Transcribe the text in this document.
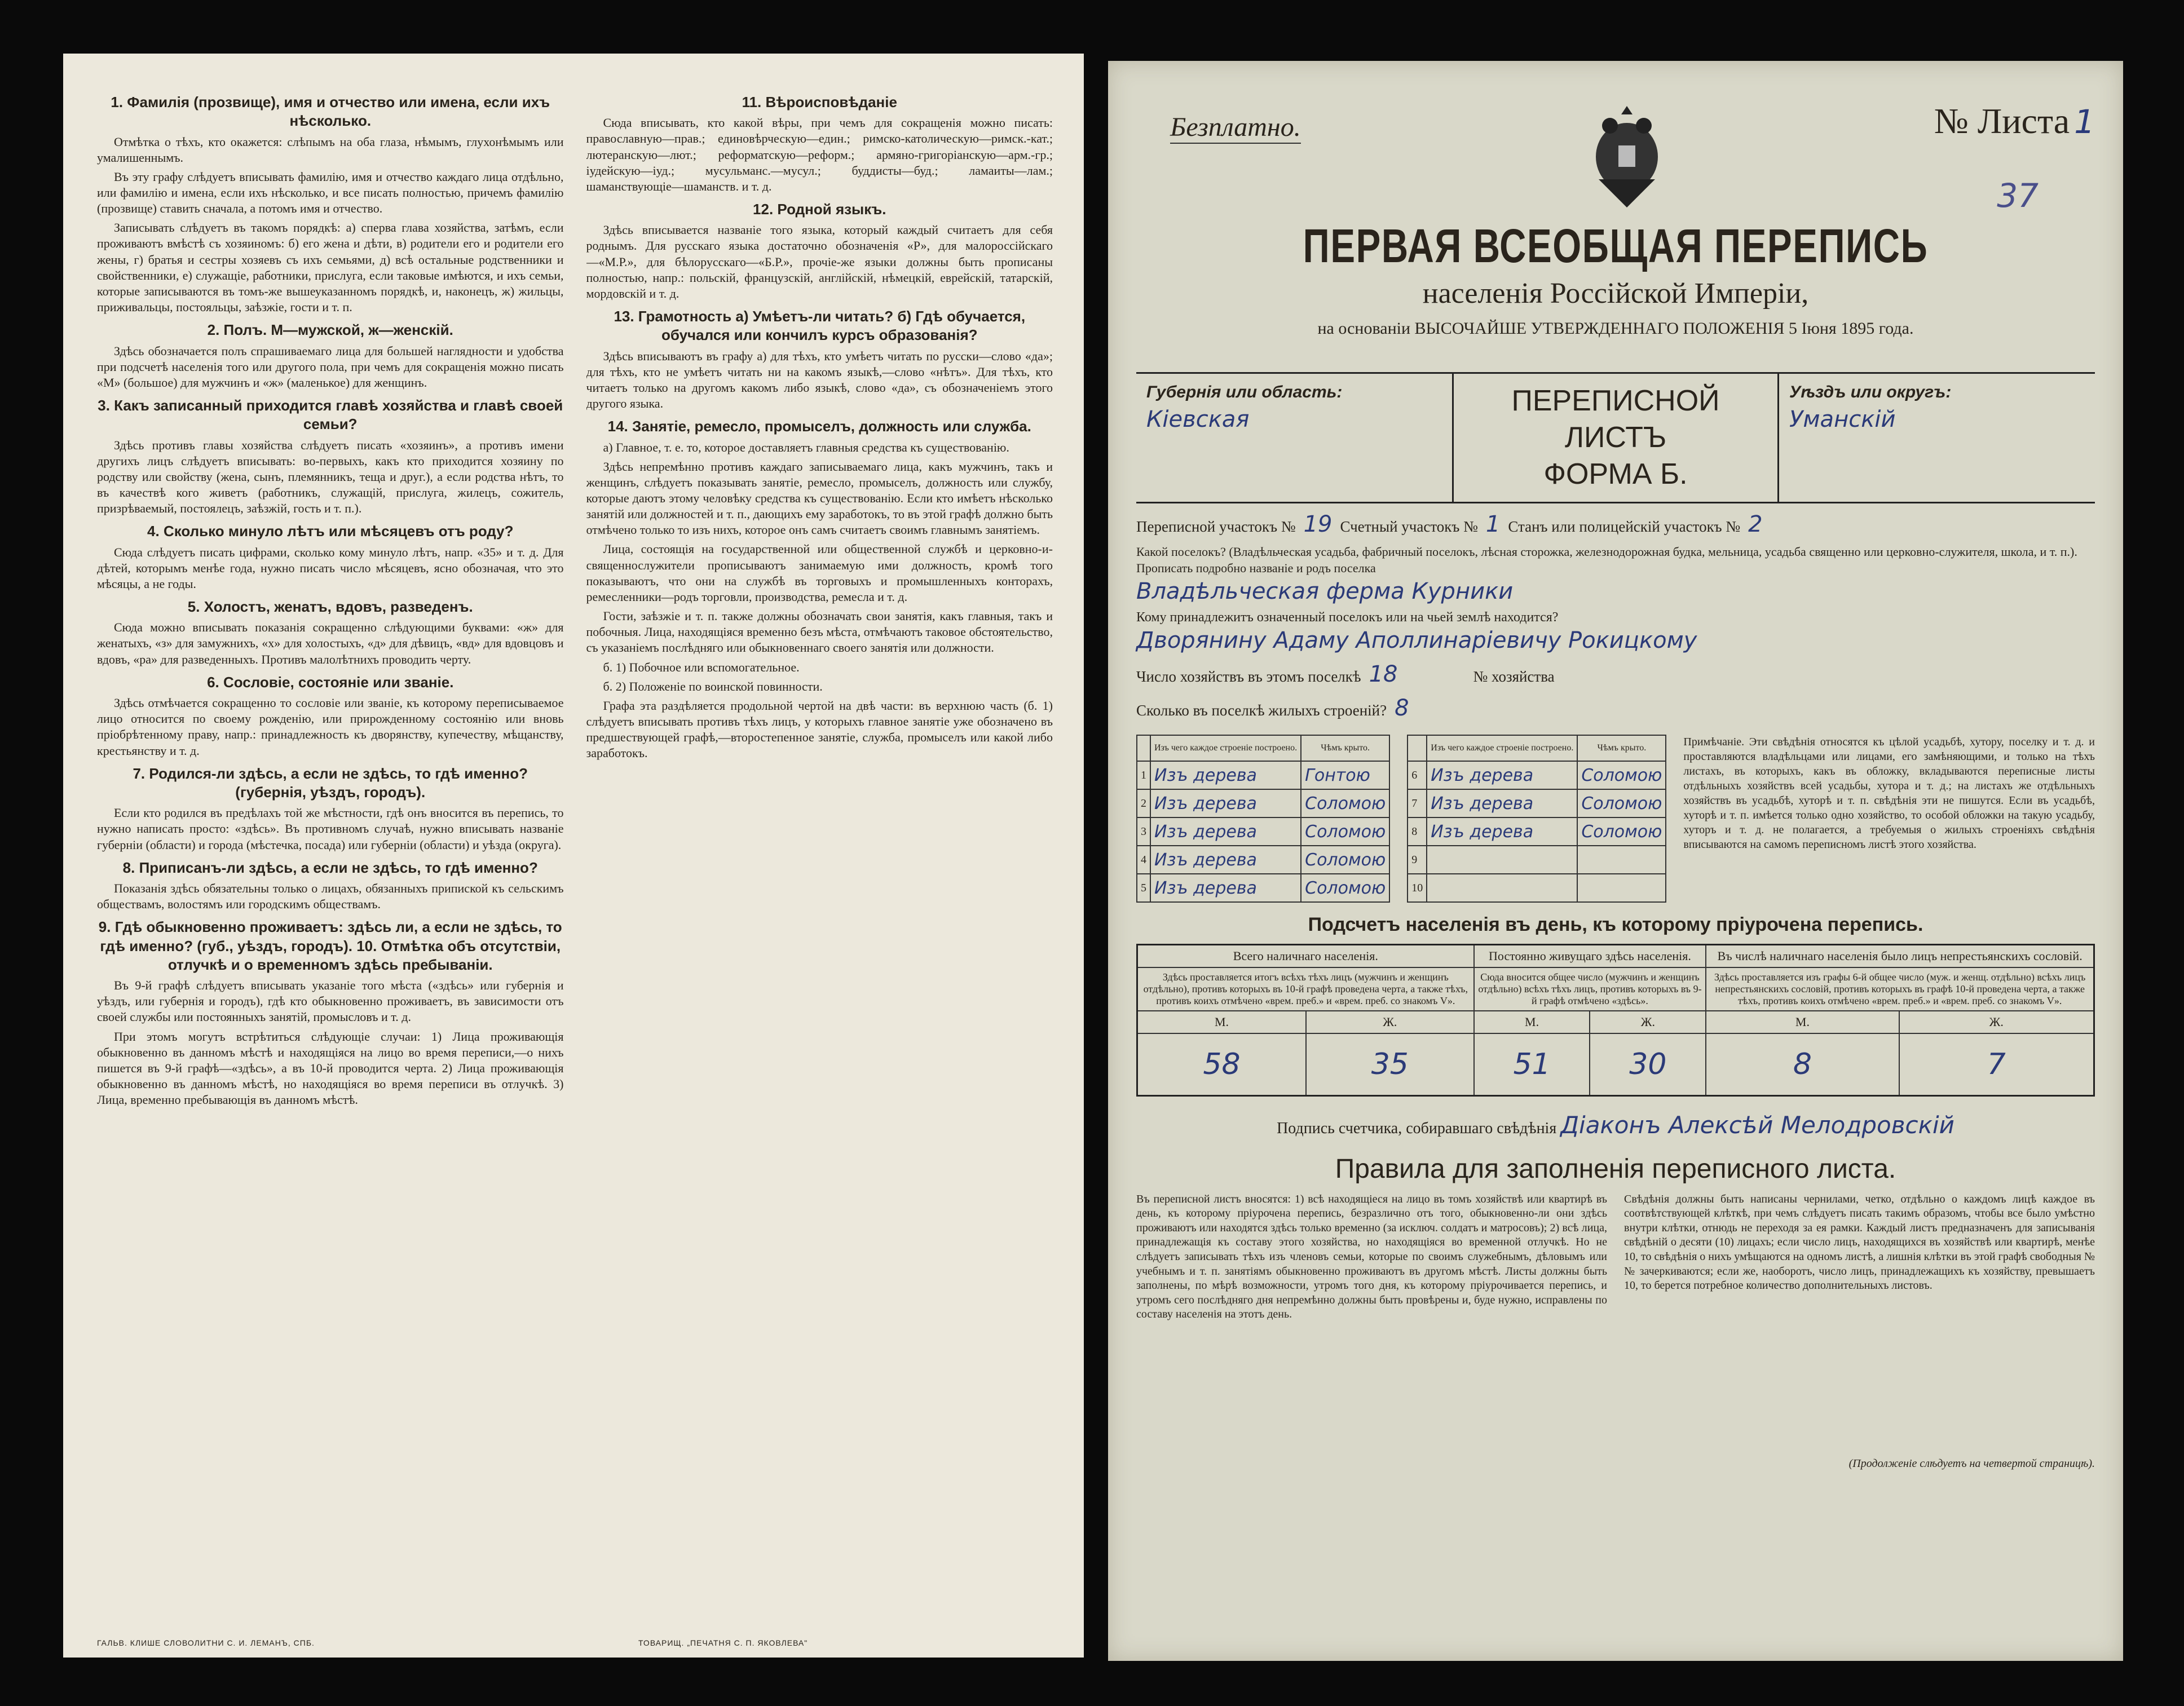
1. Фамилія (прозвище), имя и отчество или имена, если ихъ нѣсколько.

Отмѣтка о тѣхъ, кто окажется: слѣпымъ на оба глаза, нѣмымъ, глухонѣмымъ или умалишеннымъ.

Въ эту графу слѣдуетъ вписывать фамилію, имя и отчество каждаго лица отдѣльно, или фамилію и имена, если ихъ нѣсколько, и все писать полностью, причемъ фамилію (прозвище) ставить сначала, а потомъ имя и отчество.

Записывать слѣдуетъ въ такомъ порядкѣ: а) сперва глава хозяйства, затѣмъ, если проживаютъ вмѣстѣ съ хозяиномъ: б) его жена и дѣти, в) родители его и родители его жены, г) братья и сестры хозяевъ съ ихъ семьями, д) всѣ остальные родственники и свойственники, е) служащіе, работники, прислуга, если таковые имѣются, и ихъ семьи, которые записываются въ томъ-же вышеуказанномъ порядкѣ, и, наконецъ, ж) жильцы, приживальцы, постояльцы, заѣзжіе, гости и т. п.

2. Полъ. М—мужской, ж—женскій.

Здѣсь обозначается полъ спрашиваемаго лица для большей наглядности и удобства при подсчетѣ населенія того или другого пола, при чемъ для сокращенія можно писать «М» (большое) для мужчинъ и «ж» (маленькое) для женщинъ.

3. Какъ записанный приходится главѣ хозяйства и главѣ своей семьи?

Здѣсь противъ главы хозяйства слѣдуетъ писать «хозяинъ», а противъ имени другихъ лицъ слѣдуетъ вписывать: во-первыхъ, какъ кто приходится хозяину по родству или свойству (жена, сынъ, племянникъ, теща и друг.), а если родства нѣтъ, то въ качествѣ кого живетъ (работникъ, служащій, прислуга, жилецъ, сожитель, призрѣваемый, постоялецъ, заѣзжій, гость и т. п.).

4. Сколько минуло лѣтъ или мѣсяцевъ отъ роду?

Сюда слѣдуетъ писать цифрами, сколько кому минуло лѣтъ, напр. «35» и т. д. Для дѣтей, которымъ менѣе года, нужно писать число мѣсяцевъ, ясно обозначая, что это мѣсяцы, а не годы.

5. Холостъ, женатъ, вдовъ, разведенъ.

Сюда можно вписывать показанія сокращенно слѣдующими буквами: «ж» для женатыхъ, «з» для замужнихъ, «х» для холостыхъ, «д» для дѣвицъ, «вд» для вдовцовъ и вдовъ, «ра» для разведенныхъ. Противъ малолѣтнихъ проводить черту.

6. Сословіе, состояніе или званіе.

Здѣсь отмѣчается сокращенно то сословіе или званіе, къ которому переписываемое лицо относится по своему рожденію, или прирожденному состоянію или вновь пріобрѣтенному праву, напр.: принадлежность къ дворянству, купечеству, мѣщанству, крестьянству и т. д.

7. Родился-ли здѣсь, а если не здѣсь, то гдѣ именно? (губернія, уѣздъ, городъ).

Если кто родился въ предѣлахъ той же мѣстности, гдѣ онъ вносится въ перепись, то нужно написать просто: «здѣсь». Въ противномъ случаѣ, нужно вписывать названіе губерніи (области) и города (мѣстечка, посада) или губерніи (области) и уѣзда (округа).

8. Приписанъ-ли здѣсь, а если не здѣсь, то гдѣ именно?

Показанія здѣсь обязательны только о лицахъ, обязанныхъ припиской къ сельскимъ обществамъ, волостямъ или городскимъ обществамъ.

9. Гдѣ обыкновенно проживаетъ: здѣсь ли, а если не здѣсь, то гдѣ именно? (губ., уѣздъ, городъ). 10. Отмѣтка объ отсутствіи, отлучкѣ и о временномъ здѣсь пребываніи.

Въ 9-й графѣ слѣдуетъ вписывать указаніе того мѣста («здѣсь» или губернія и уѣздъ, или губернія и городъ), гдѣ кто обыкновенно проживаетъ, въ зависимости отъ своей службы или постоянныхъ занятій, промысловъ и т. д.

При этомъ могутъ встрѣтиться слѣдующіе случаи: 1) Лица проживающія обыкновенно въ данномъ мѣстѣ и находящіяся на лицо во время переписи,—о нихъ пишется въ 9-й графѣ—«здѣсь», а въ 10-й проводится черта. 2) Лица проживающія обыкновенно въ данномъ мѣстѣ, но находящіяся во время переписи въ отлучкѣ. 3) Лица, временно пребывающія въ данномъ мѣстѣ.

11. Вѣроисповѣданіе

Сюда вписывать, кто какой вѣры, при чемъ для сокращенія можно писать: православную—прав.; единовѣрческую—един.; римско-католическую—римск.-кат.; лютеранскую—лют.; реформатскую—реформ.; армяно-григоріанскую—арм.-гр.; іудейскую—іуд.; мусульманс.—мусул.; буддисты—буд.; ламаиты—лам.; шаманствующіе—шаманств. и т. д.

12. Родной языкъ.

Здѣсь вписывается названіе того языка, который каждый считаетъ для себя роднымъ. Для русскаго языка достаточно обозначенія «Р», для малороссійскаго—«М.Р.», для бѣлорусскаго—«Б.Р.», прочіе-же языки должны быть прописаны полностью, напр.: польскій, французскій, англійскій, нѣмецкій, еврейскій, татарскій, мордовскій и т. д.

13. Грамотность а) Умѣетъ-ли читать? б) Гдѣ обучается, обучался или кончилъ курсъ образованія?

Здѣсь вписываютъ въ графу а) для тѣхъ, кто умѣетъ читать по русски—слово «да»; для тѣхъ, кто не умѣетъ читать ни на какомъ языкѣ,—слово «нѣтъ». Для тѣхъ, кто читаетъ только на другомъ какомъ либо языкѣ, слово «да», съ обозначеніемъ этого другого языка.

14. Занятіе, ремесло, промыселъ, должность или служба.

а) Главное, т. е. то, которое доставляетъ главныя средства къ существованію.

Здѣсь непремѣнно противъ каждаго записываемаго лица, какъ мужчинъ, такъ и женщинъ, слѣдуетъ показывать занятіе, ремесло, промыселъ, должность или службу, которые даютъ этому человѣку средства къ существованію. Если кто имѣетъ нѣсколько занятій или должностей и т. п., дающихъ ему заработокъ, то въ этой графѣ должно быть отмѣчено только то изъ нихъ, которое онъ самъ считаетъ своимъ главнымъ занятіемъ.

Лица, состоящія на государственной или общественной службѣ и церковно-и-священнослужители прописываютъ занимаемую ими должность, кромѣ того показываютъ, что они на службѣ въ торговыхъ и промышленныхъ конторахъ, ремесленники—родъ торговли, производства, ремесла и т. д.

Гости, заѣзжіе и т. п. также должны обозначать свои занятія, какъ главныя, такъ и побочныя. Лица, находящіяся временно безъ мѣста, отмѣчаютъ таковое обстоятельство, съ указаніемъ послѣдняго или обыкновеннаго своего занятія или должности.

б. 1) Побочное или вспомогательное.

б. 2) Положеніе по воинской повинности.

Графа эта раздѣляется продольной чертой на двѣ части: въ верхнюю часть (б. 1) слѣдуетъ вписывать противъ тѣхъ лицъ, у которыхъ главное занятіе уже обозначено въ предшествующей графѣ,—второстепенное занятіе, служба, промыселъ или какой либо заработокъ.

ГАЛЬВ. КЛИШЕ СЛОВОЛИТНИ С. И. ЛЕМАНЪ, СПБ.	ТОВАРИЩ. „ПЕЧАТНЯ С. П. ЯКОВЛЕВА"
Безплатно.	№ Листа 1
37
ПЕРВАЯ ВСЕОБЩАЯ ПЕРЕПИСЬ
населенія Россійской Имперіи,
на основаніи ВЫСОЧАЙШЕ УТВЕРЖДЕННАГО ПОЛОЖЕНІЯ 5 Іюня 1895 года.
Губернія или область:
Кіевская
ПЕРЕПИСНОЙ ЛИСТЪ
ФОРМА Б.
Уѣздъ или округъ:
Уманскій
Переписной участокъ № 19 Счетный участокъ № 1 Станъ или полицейскій участокъ № 2
Какой поселокъ? (Владѣльческая усадьба, фабричный поселокъ, лѣсная сторожка, железнодорожная будка, мельница, усадьба священно или церковно-служителя, школа, и т. п.). Прописать подробно названіе и родъ поселка
Владѣльческая ферма Курники
Кому принадлежитъ означенный поселокъ или на чьей землѣ находится?
Дворянину Адаму Аполлинаріевичу Рокицкому
Число хозяйствъ въ этомъ поселкѣ 18	№ хозяйства
Сколько въ поселкѣ жилыхъ строеній? 8
	Изъ чего каждое строеніе построено.	Чѣмъ крыто.
1	Изъ дерева	Гонтою
2	Изъ дерева	Соломою
3	Изъ дерева	Соломою
4	Изъ дерева	Соломою
5	Изъ дерева	Соломою
	Изъ чего каждое строеніе построено.	Чѣмъ крыто.
6	Изъ дерева	Соломою
7	Изъ дерева	Соломою
8	Изъ дерева	Соломою
9		
10		
Примѣчаніе. Эти свѣдѣнія относятся къ цѣлой усадьбѣ, хутору, поселку и т. д. и проставляются владѣльцами или лицами, его замѣняющими, и только на тѣхъ листахъ, въ которыхъ, какъ въ обложку, вкладываются переписные листы отдѣльныхъ хозяйствъ всей усадьбы, хутора и т. д.; на листахъ же отдѣльныхъ хозяйствъ въ усадьбѣ, хуторѣ и т. п. свѣдѣнія эти не пишутся. Если въ усадьбѣ, хуторѣ и т. п. имѣется только одно хозяйство, то особой обложки на такую усадьбу, хуторъ и т. д. не полагается, а требуемыя о жилыхъ строеніяхъ свѣдѣнія вписываются на самомъ переписномъ листѣ этого хозяйства.
Подсчетъ населенія въ день, къ которому пріурочена перепись.
Всего наличнаго населенія.		Постоянно живущаго здѣсь населенія.		Въ числѣ наличнаго населенія было лицъ непрестьянскихъ сословій.	
Здѣсь проставляется итогъ всѣхъ тѣхъ лицъ (мужчинъ и женщинъ отдѣльно), противъ которыхъ въ 10-й графѣ проведена черта, а также тѣхъ, противъ коихъ отмѣчено «врем. преб.» и «врем. преб. со знакомъ V».		Сюда вносится общее число (мужчинъ и женщинъ отдѣльно) всѣхъ тѣхъ лицъ, противъ которыхъ въ 9-й графѣ отмѣчено «здѣсь».		Здѣсь проставляется изъ графы 6-й общее число (муж. и женщ. отдѣльно) всѣхъ лицъ непрестьянскихъ сословій, противъ которыхъ въ графѣ 10-й проведена черта, а также тѣхъ, противъ коихъ отмѣчено «врем. преб.» и «врем. преб. со знакомъ V».	
М.	Ж.	М.	Ж.	М.	Ж.
58	35	51	30	8	7
Подпись счетчика, собиравшаго свѣдѣнія Діаконъ Алексѣй Мелодровскій
Правила для заполненія переписного листа.
Въ переписной листъ вносятся: 1) всѣ находящіеся на лицо въ томъ хозяйствѣ или квартирѣ въ день, къ которому пріурочена перепись, безразлично отъ того, обыкновенно-ли они здѣсь проживаютъ или находятся здѣсь только временно (за исключ. солдатъ и матросовъ); 2) всѣ лица, принадлежащія къ составу этого хозяйства, но находящіяся во временной отлучкѣ. Но не слѣдуетъ записывать тѣхъ изъ членовъ семьи, которые по своимъ служебнымъ, дѣловымъ или учебнымъ и т. п. занятіямъ обыкновенно проживаютъ въ другомъ мѣстѣ. Листы должны быть заполнены, по мѣрѣ возможности, утромъ того дня, къ которому пріурочивается перепись, и утромъ сего послѣдняго дня непремѣнно должны быть провѣрены и, буде нужно, исправлены по составу населенія на этотъ день.
Свѣдѣнія должны быть написаны чернилами, четко, отдѣльно о каждомъ лицѣ каждое въ соотвѣтствующей клѣткѣ, при чемъ слѣдуетъ писать такимъ образомъ, чтобы все было умѣстно внутри клѣтки, отнюдь не переходя за ея рамки. Каждый листъ предназначенъ для записыванія свѣдѣній о десяти (10) лицахъ; если число лицъ, находящихся въ хозяйствѣ или квартирѣ, менѣе 10, то свѣдѣнія о нихъ умѣщаются на одномъ листѣ, а лишнія клѣтки въ этой графѣ свободныя №№ зачеркиваются; если же, наоборотъ, число лицъ, принадлежащихъ къ хозяйству, превышаетъ 10, то берется потребное количество дополнительныхъ листовъ.
(Продолженіе слѣдуетъ на четвертой страницѣ).
